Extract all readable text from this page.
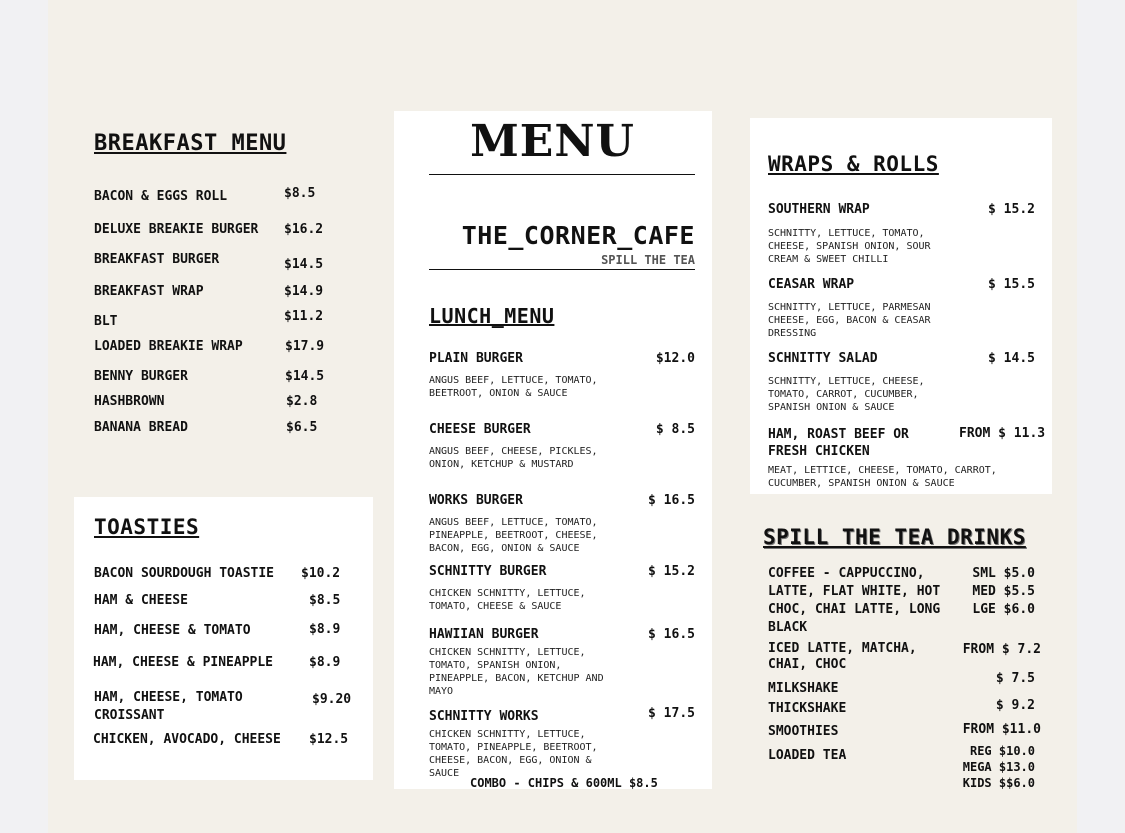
BREAKFAST MENU
BACON & EGGS ROLL	$8.5
DELUXE BREAKIE BURGER $16.2
BREAKFAST BURGER	$14.5
BREAKFAST WRAP	$14.9
BLT	$11.2
LOADED BREAKIE WRAP	$17.9
BENNY BURGER	$14.5
HASHBROWN	$2.8
BANANA BREAD	$6.5
TOASTIES
BACON SOURDOUGH TOASTIE $10.2
HAM & CHEESE	$8.5
HAM, CHEESE & TOMATO	$8.9
HAM, CHEESE & PINEAPPLE	$8.9
HAM, CHEESE, TOMATO CROISSANT
$9.20
CHICKEN, AVOCADO, CHEESE $12.5
MENU
THE_CORNER_CAFE
SPILL THE TEA
LUNCH_MENU
PLAIN BURGER	$12.0
ANGUS BEEF, LETTUCE, TOMATO, BEETROOT, ONION & SAUCE
CHEESE BURGER	$ 8.5
ANGUS BEEF, CHEESE, PICKLES, ONION, KETCHUP & MUSTARD
WORKS BURGER	$ 16.5
ANGUS BEEF, LETTUCE, TOMATO, PINEAPPLE, BEETROOT, CHEESE, BACON, EGG, ONION & SAUCE
SCHNITTY BURGER	$ 15.2
CHICKEN SCHNITTY, LETTUCE, TOMATO, CHEESE & SAUCE
HAWIIAN BURGER	$ 16.5
CHICKEN SCHNITTY, LETTUCE, TOMATO, SPANISH ONION, PINEAPPLE, BACON, KETCHUP AND MAYO
SCHNITTY WORKS	$ 17.5
CHICKEN SCHNITTY, LETTUCE, TOMATO, PINEAPPLE, BEETROOT, CHEESE, BACON, EGG, ONION & SAUCE
COMBO - CHIPS & 600ML $8.5
WRAPS & ROLLS
SOUTHERN WRAP	$ 15.2
SCHNITTY, LETTUCE, TOMATO, CHEESE, SPANISH ONION, SOUR CREAM & SWEET CHILLI
CEASAR WRAP	$ 15.5
SCHNITTY, LETTUCE, PARMESAN CHEESE, EGG, BACON & CEASAR DRESSING
SCHNITTY SALAD	$ 14.5
SCHNITTY, LETTUCE, CHEESE, TOMATO, CARROT, CUCUMBER, SPANISH ONION & SAUCE
HAM, ROAST BEEF OR FRESH CHICKEN
FROM $ 11.3
MEAT, LETTICE, CHEESE, TOMATO, CARROT, CUCUMBER, SPANISH ONION & SAUCE
SPILL THE TEA DRINKS
COFFEE - CAPPUCCINO, LATTE, FLAT WHITE, HOT CHOC, CHAI LATTE, LONG BLACK
SML $5.0
MED $5.5
LGE $6.0
ICED LATTE, MATCHA, CHAI, CHOC
FROM $ 7.2
MILKSHAKE
$ 7.5
THICKSHAKE	$ 9.2
SMOOTHIES	FROM $11.0
LOADED TEA	REG $10.0
MEGA $13.0
KIDS $$6.0
